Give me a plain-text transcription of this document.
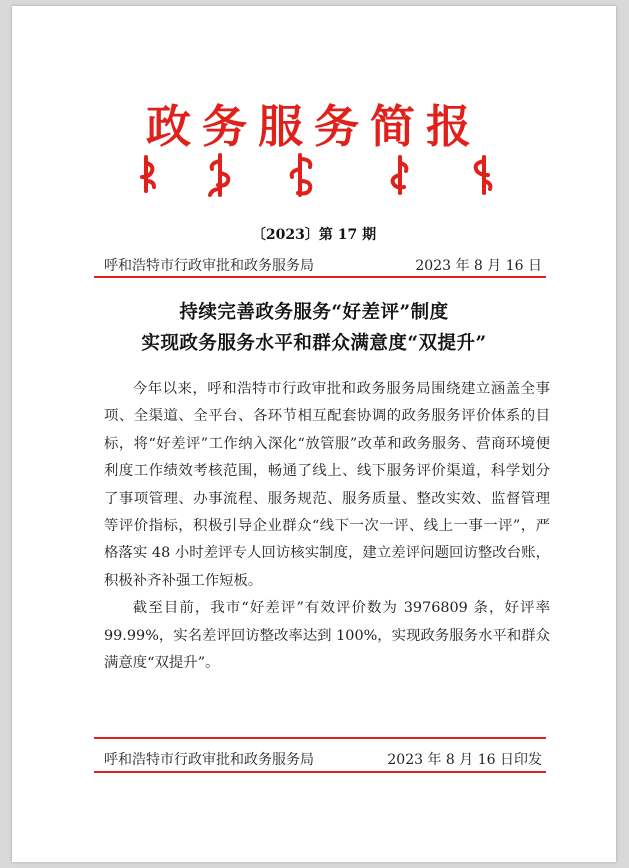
政务服务简报
〔2023〕第 17 期
呼和浩特市行政审批和政务服务局	2023 年 8 月 16 日
持续完善政务服务“好差评”制度
实现政务服务水平和群众满意度“双提升”

今年以来，呼和浩特市行政审批和政务服务局围绕建立涵盖全事项、全渠道、全平台、各环节相互配套协调的政务服务评价体系的目标，将“好差评”工作纳入深化“放管服”改革和政务服务、营商环境便利度工作绩效考核范围，畅通了线上、线下服务评价渠道，科学划分了事项管理、办事流程、服务规范、服务质量、整改实效、监督管理等评价指标，积极引导企业群众“线下一次一评、线上一事一评”，严格落实 48 小时差评专人回访核实制度，建立差评问题回访整改台账，积极补齐补强工作短板。

截至目前，我市“好差评”有效评价数为 3976809 条，好评率 99.99%，实名差评回访整改率达到 100%，实现政务服务水平和群众满意度“双提升”。

呼和浩特市行政审批和政务服务局	2023 年 8 月 16 日印发
